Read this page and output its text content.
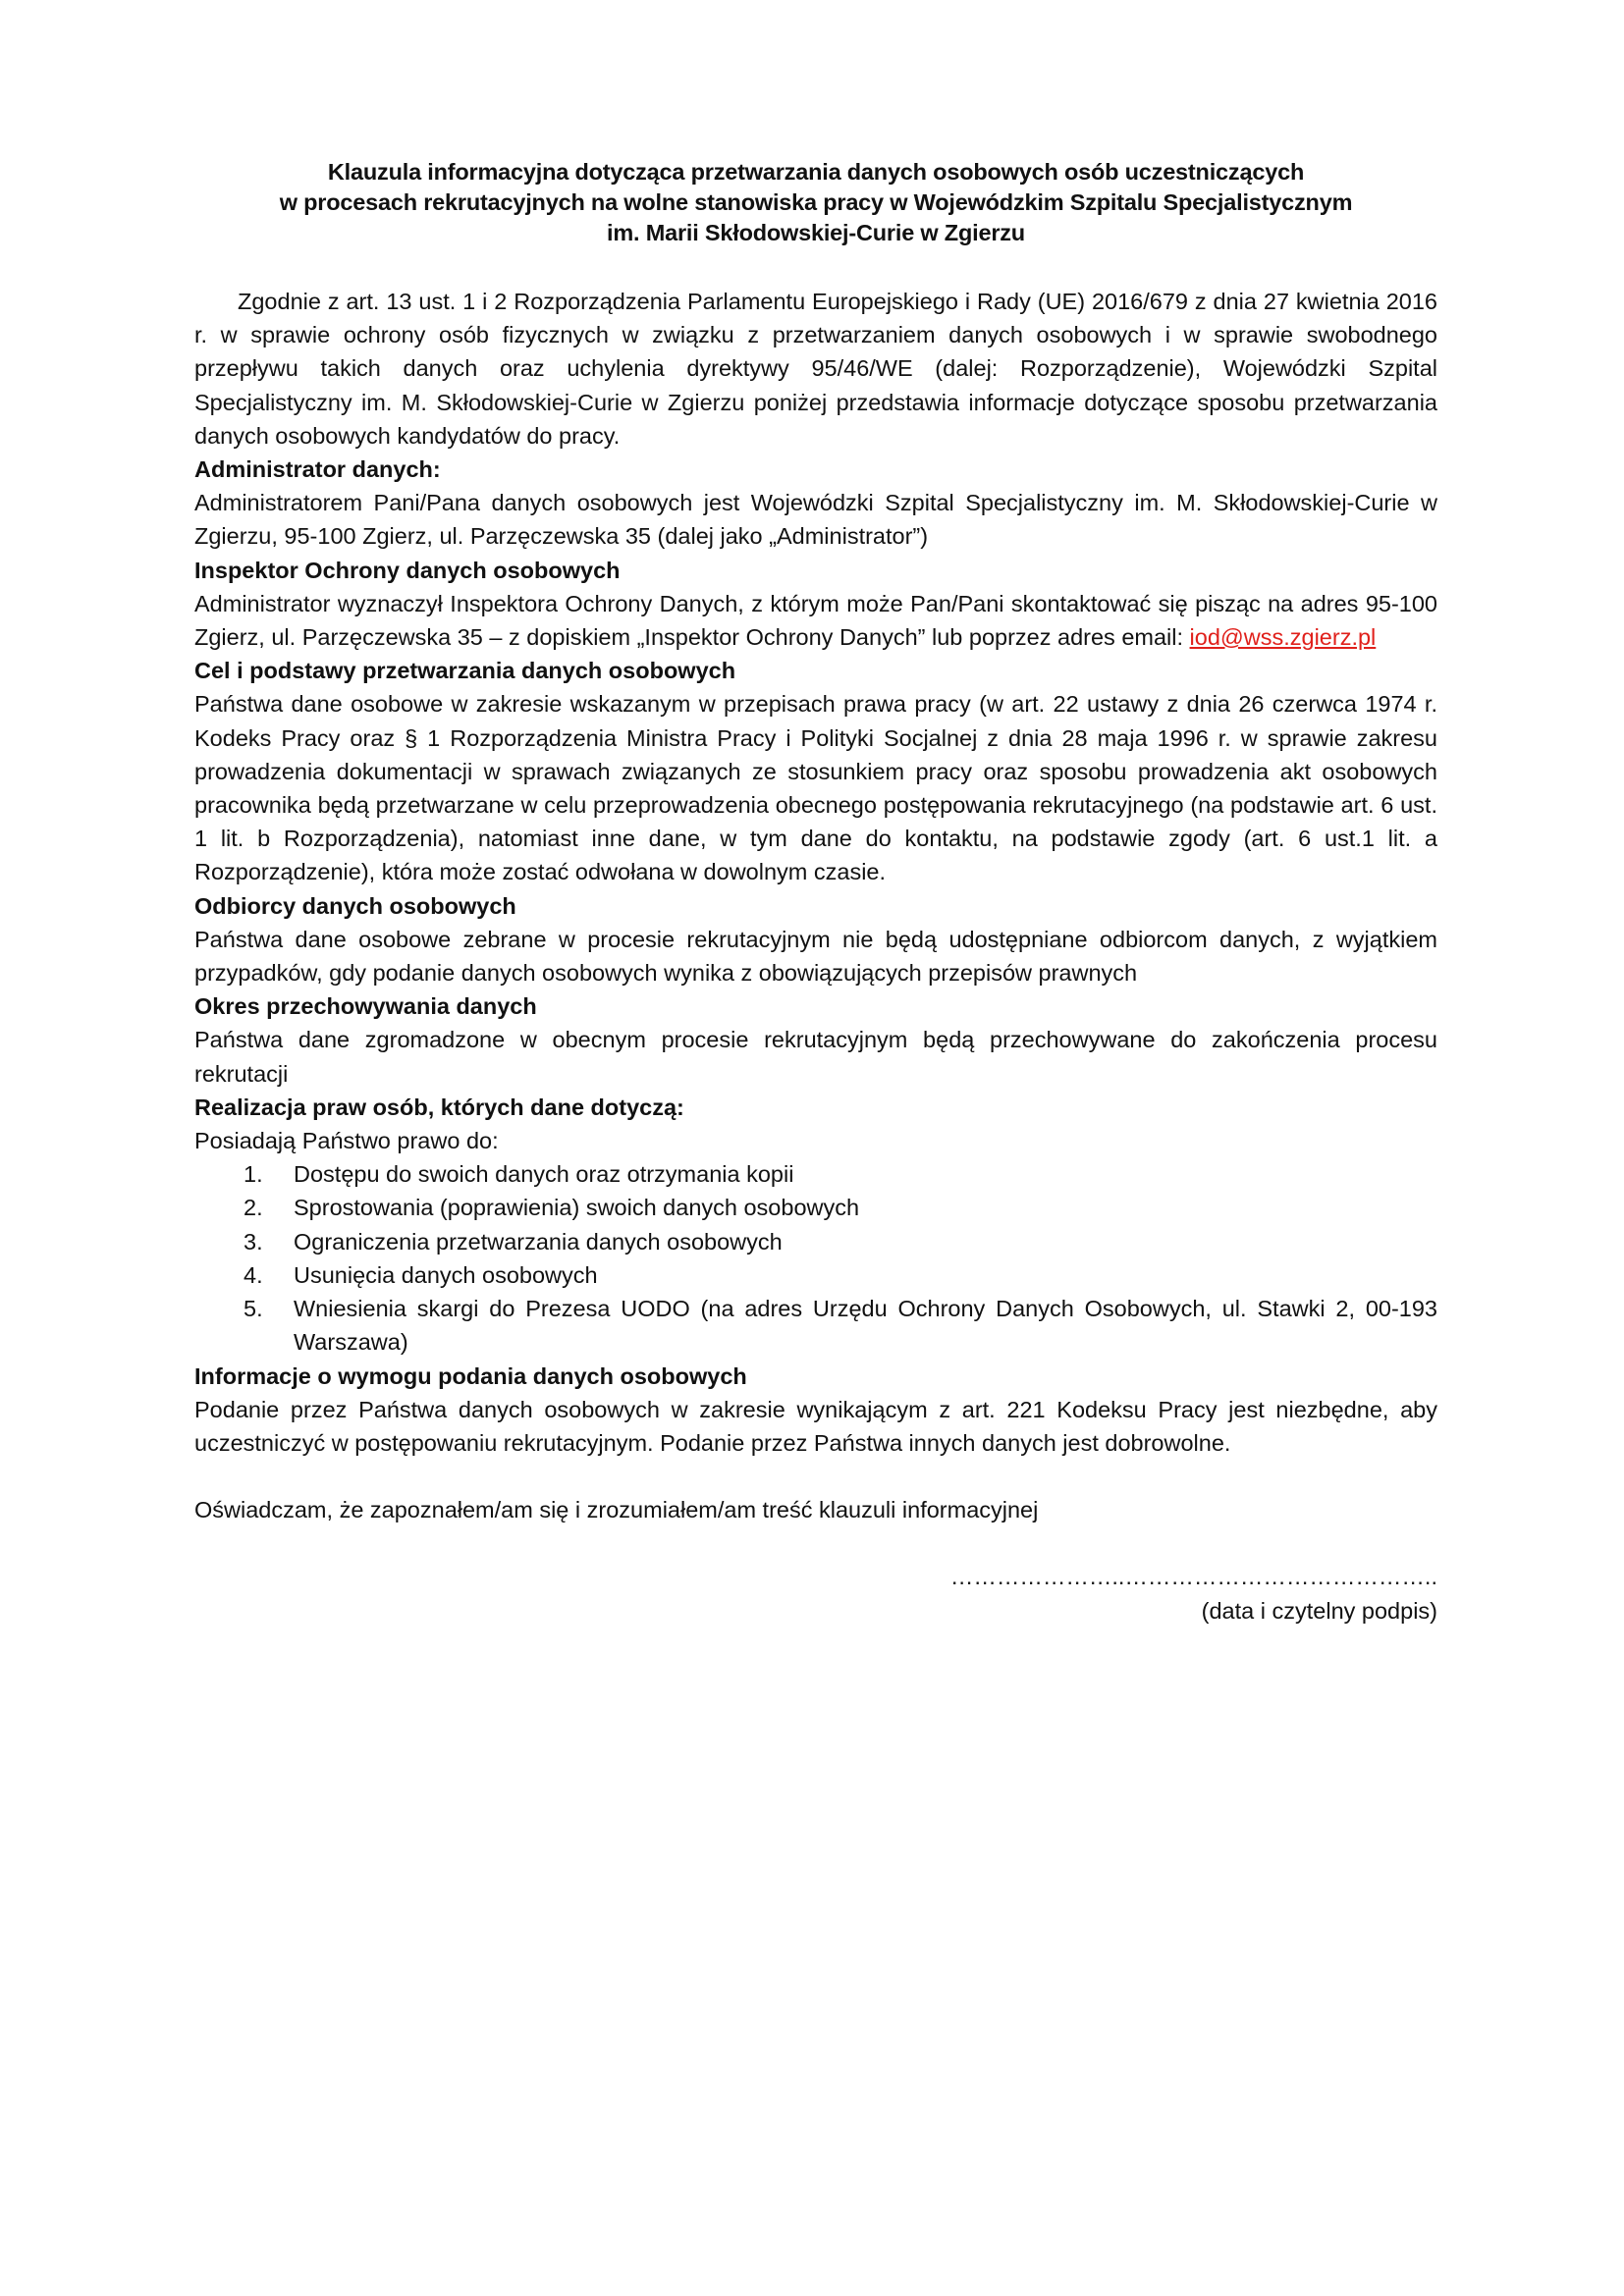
Klauzula informacyjna dotycząca przetwarzania danych osobowych osób uczestniczących
w procesach rekrutacyjnych na wolne stanowiska pracy w Wojewódzkim Szpitalu Specjalistycznym
im. Marii Skłodowskiej-Curie w Zgierzu

Zgodnie z art. 13 ust. 1 i 2 Rozporządzenia Parlamentu Europejskiego i Rady (UE) 2016/679 z dnia 27 kwietnia 2016 r. w sprawie ochrony osób fizycznych w związku z przetwarzaniem danych osobowych i w sprawie swobodnego przepływu takich danych oraz uchylenia dyrektywy 95/46/WE (dalej: Rozporządzenie), Wojewódzki Szpital Specjalistyczny im. M. Skłodowskiej-Curie w Zgierzu poniżej przedstawia informacje dotyczące sposobu przetwarzania danych osobowych kandydatów do pracy.

Administrator danych:

Administratorem Pani/Pana danych osobowych jest Wojewódzki Szpital Specjalistyczny im. M. Skłodowskiej-Curie w Zgierzu, 95-100 Zgierz, ul. Parzęczewska 35 (dalej jako „Administrator”)

Inspektor Ochrony danych osobowych

Administrator wyznaczył Inspektora Ochrony Danych, z którym może Pan/Pani skontaktować się pisząc na adres 95-100 Zgierz, ul. Parzęczewska 35 – z dopiskiem „Inspektor Ochrony Danych” lub poprzez adres email: iod@wss.zgierz.pl

Cel i podstawy przetwarzania danych osobowych

Państwa dane osobowe w zakresie wskazanym w przepisach prawa pracy (w art. 22 ustawy z dnia 26 czerwca 1974 r. Kodeks Pracy oraz § 1 Rozporządzenia Ministra Pracy i Polityki Socjalnej z dnia 28 maja 1996 r. w sprawie zakresu prowadzenia dokumentacji w sprawach związanych ze stosunkiem pracy oraz sposobu prowadzenia akt osobowych pracownika będą przetwarzane w celu przeprowadzenia obecnego postępowania rekrutacyjnego (na podstawie art. 6 ust. 1 lit. b Rozporządzenia), natomiast inne dane, w tym dane do kontaktu, na podstawie zgody (art. 6 ust.1 lit. a Rozporządzenie), która może zostać odwołana w dowolnym czasie.

Odbiorcy danych osobowych

Państwa dane osobowe zebrane w procesie rekrutacyjnym nie będą udostępniane odbiorcom danych, z wyjątkiem przypadków, gdy podanie danych osobowych wynika z obowiązujących przepisów prawnych

Okres przechowywania danych

Państwa dane zgromadzone w obecnym procesie rekrutacyjnym będą przechowywane do zakończenia procesu rekrutacji

Realizacja praw osób, których dane dotyczą:

Posiadają Państwo prawo do:

1. Dostępu do swoich danych oraz otrzymania kopii
2. Sprostowania (poprawienia) swoich danych osobowych
3. Ograniczenia przetwarzania danych osobowych
4. Usunięcia danych osobowych
5. Wniesienia skargi do Prezesa UODO (na adres Urzędu Ochrony Danych Osobowych, ul. Stawki 2, 00-193 Warszawa)
Informacje o wymogu podania danych osobowych

Podanie przez Państwa danych osobowych w zakresie wynikającym z art. 221 Kodeksu Pracy jest niezbędne, aby uczestniczyć w postępowaniu rekrutacyjnym. Podanie przez Państwa innych danych jest dobrowolne.

Oświadczam, że zapoznałem/am się i zrozumiałem/am treść klauzuli informacyjnej

…………………..…………………………………..
(data i czytelny podpis)
